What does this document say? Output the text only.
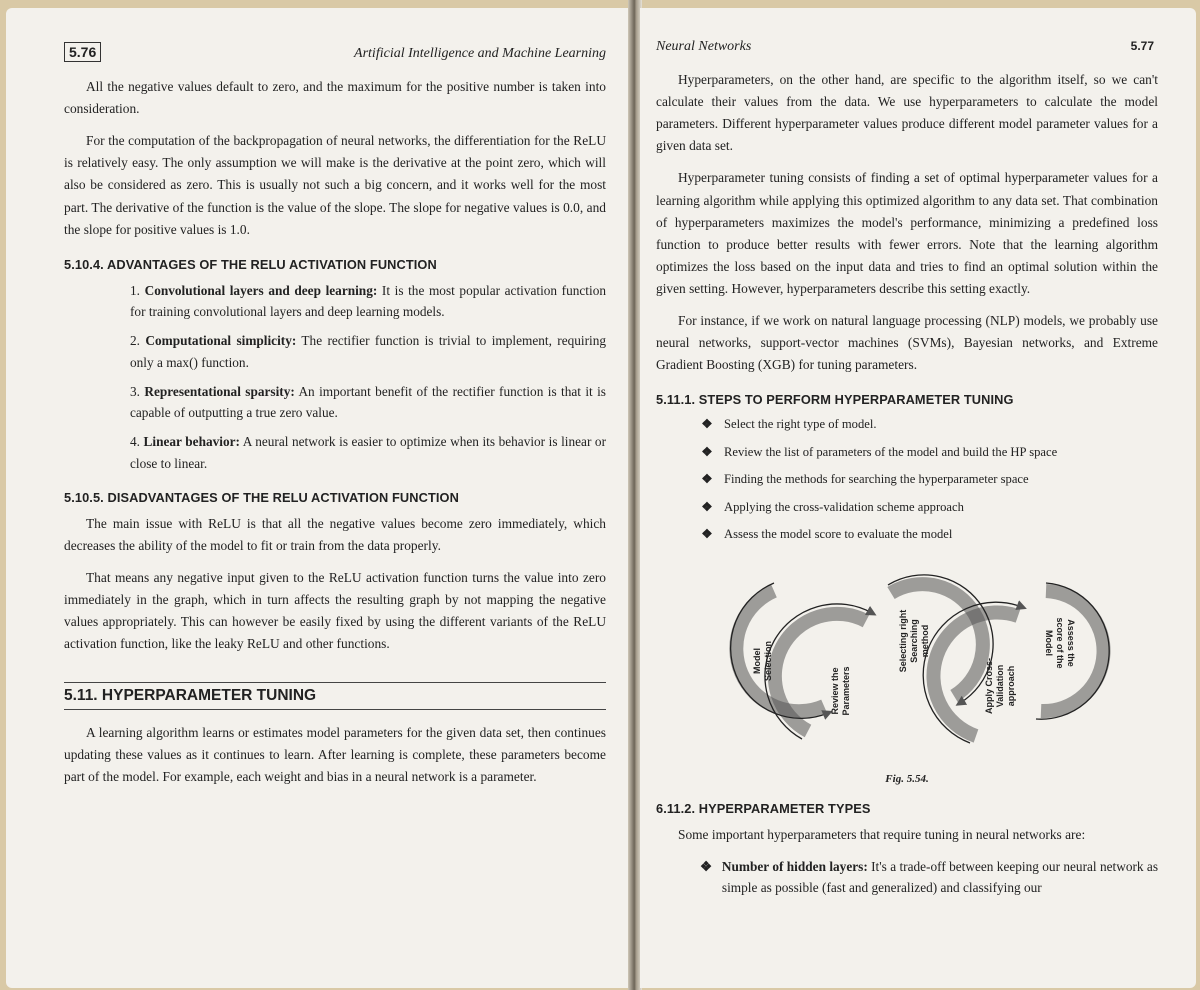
5.76	Artificial Intelligence and Machine Learning

All the negative values default to zero, and the maximum for the positive number is taken into consideration.

For the computation of the backpropagation of neural networks, the differentiation for the ReLU is relatively easy. The only assumption we will make is the derivative at the point zero, which will also be considered as zero. This is usually not such a big concern, and it works well for the most part. The derivative of the function is the value of the slope. The slope for negative values is 0.0, and the slope for positive values is 1.0.

5.10.4. ADVANTAGES OF THE RELU ACTIVATION FUNCTION
1. Convolutional layers and deep learning: It is the most popular activation function for training convolutional layers and deep learning models.
2. Computational simplicity: The rectifier function is trivial to implement, requiring only a max() function.
3. Representational sparsity: An important benefit of the rectifier function is that it is capable of outputting a true zero value.
4. Linear behavior: A neural network is easier to optimize when its behavior is linear or close to linear.
5.10.5. DISADVANTAGES OF THE RELU ACTIVATION FUNCTION

The main issue with ReLU is that all the negative values become zero immediately, which decreases the ability of the model to fit or train from the data properly.

That means any negative input given to the ReLU activation function turns the value into zero immediately in the graph, which in turn affects the resulting graph by not mapping the negative values appropriately. This can however be easily fixed by using the different variants of the ReLU activation function, like the leaky ReLU and other functions.

5.11. HYPERPARAMETER TUNING

A learning algorithm learns or estimates model parameters for the given data set, then continues updating these values as it continues to learn. After learning is complete, these parameters become part of the model. For example, each weight and bias in a neural network is a parameter.

Neural Networks	5.77

Hyperparameters, on the other hand, are specific to the algorithm itself, so we can't calculate their values from the data. We use hyperparameters to calculate the model parameters. Different hyperparameter values produce different model parameter values for a given data set.

Hyperparameter tuning consists of finding a set of optimal hyperparameter values for a learning algorithm while applying this optimized algorithm to any data set. That combination of hyperparameters maximizes the model's performance, minimizing a predefined loss function to produce better results with fewer errors. Note that the learning algorithm optimizes the loss based on the input data and tries to find an optimal solution within the given setting. However, hyperparameters describe this setting exactly.

For instance, if we work on natural language processing (NLP) models, we probably use neural networks, support-vector machines (SVMs), Bayesian networks, and Extreme Gradient Boosting (XGB) for tuning parameters.

5.11.1. STEPS TO PERFORM HYPERPARAMETER TUNING
❖ Select the right type of model.
❖ Review the list of parameters of the model and build the HP space
❖ Finding the methods for searching the hyperparameter space
❖ Applying the cross-validation scheme approach
❖ Assess the model score to evaluate the model
Model Selection
Review the Parameters
Selecting right Searching method
Apply Cross- Validation approach
Assess the
score of the
Model
Fig. 5.54.
6.11.2. HYPERPARAMETER TYPES

Some important hyperparameters that require tuning in neural networks are:

❖ Number of hidden layers: It's a trade-off between keeping our neural network as simple as possible (fast and generalized) and classifying our
